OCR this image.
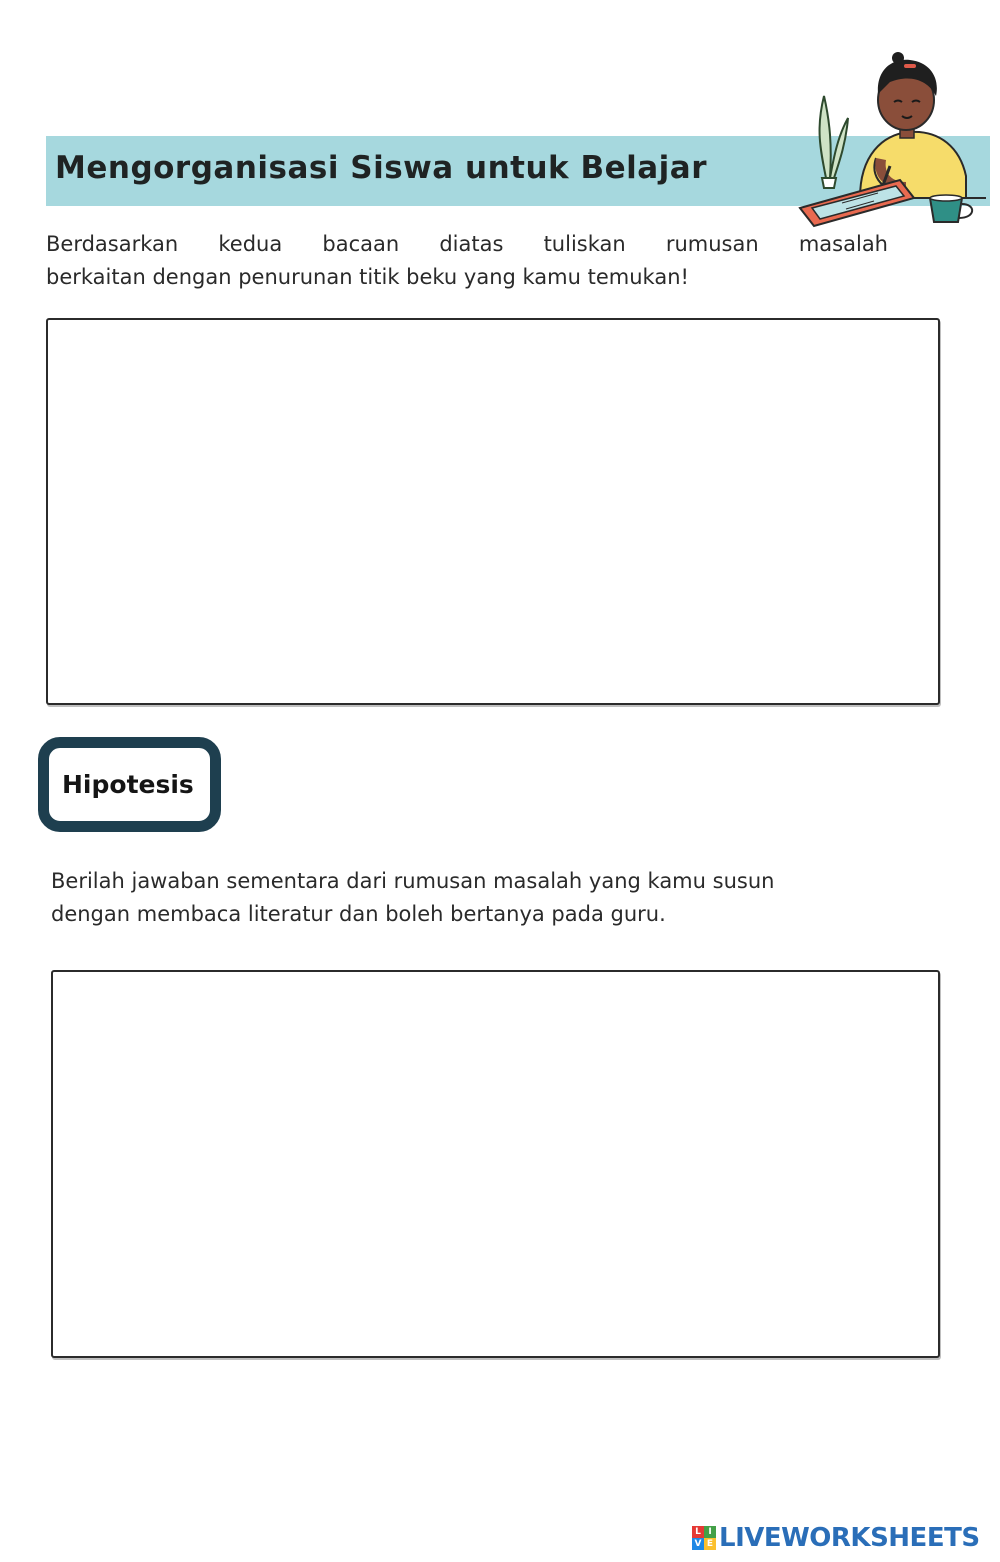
Mengorganisasi Siswa untuk Belajar
Berdasarkan kedua bacaan diatas tuliskan rumusan masalah
berkaitan dengan penurunan titik beku yang kamu temukan!
Hipotesis
Berilah jawaban sementara dari rumusan masalah yang kamu susun
dengan membaca literatur dan boleh bertanya pada guru.
L I
V E LIVEWORKSHEETS
